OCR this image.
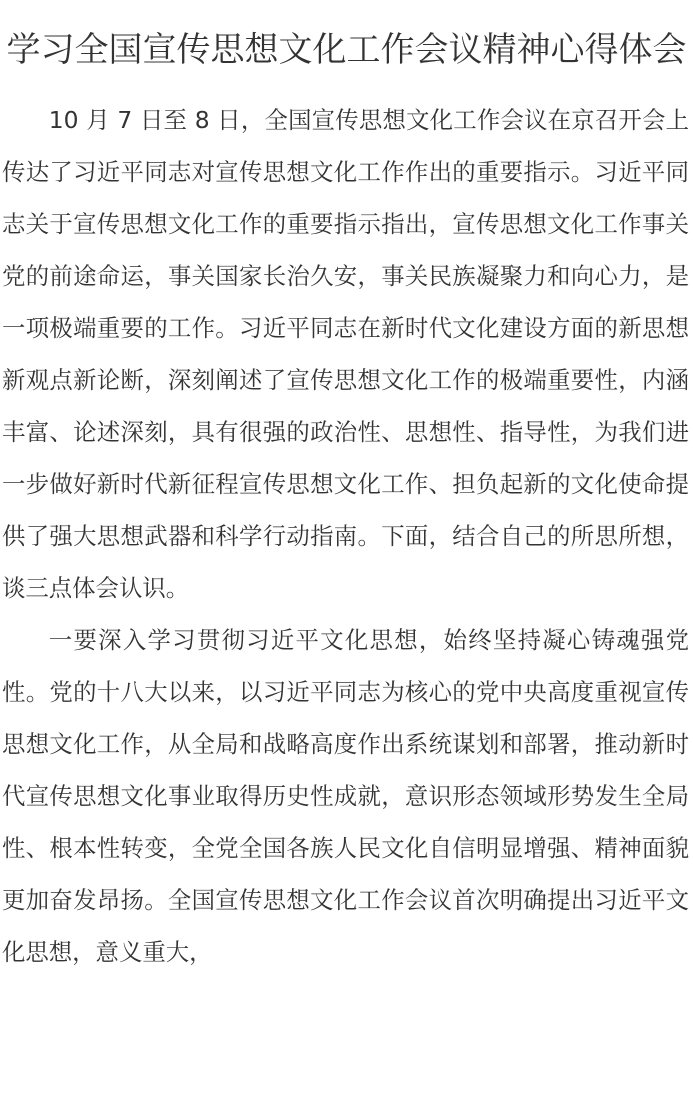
学习全国宣传思想文化工作会议精神心得体会

10 月 7 日至 8 日，全国宣传思想文化工作会议在京召开会上传达了习近平同志对宣传思想文化工作作出的重要指示。习近平同志关于宣传思想文化工作的重要指示指出，宣传思想文化工作事关党的前途命运，事关国家长治久安，事关民族凝聚力和向心力，是一项极端重要的工作。习近平同志在新时代文化建设方面的新思想新观点新论断，深刻阐述了宣传思想文化工作的极端重要性，内涵丰富、论述深刻，具有很强的政治性、思想性、指导性，为我们进一步做好新时代新征程宣传思想文化工作、担负起新的文化使命提供了强大思想武器和科学行动指南。下面，结合自己的所思所想，谈三点体会认识。

一要深入学习贯彻习近平文化思想，始终坚持凝心铸魂强党性。党的十八大以来，以习近平同志为核心的党中央高度重视宣传思想文化工作，从全局和战略高度作出系统谋划和部署，推动新时代宣传思想文化事业取得历史性成就，意识形态领域形势发生全局性、根本性转变，全党全国各族人民文化自信明显增强、精神面貌更加奋发昂扬。全国宣传思想文化工作会议首次明确提出习近平文化思想，意义重大，
